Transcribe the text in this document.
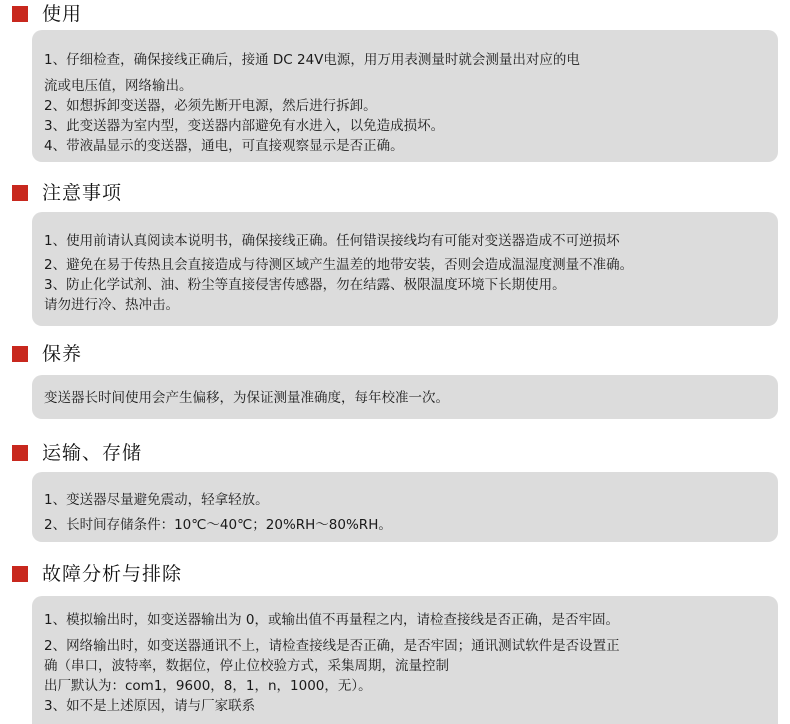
使用

1、仔细检查，确保接线正确后，接通 DC 24V电源，用万用表测量时就会测量出对应的电

流或电压值，网络输出。

2、如想拆卸变送器，必须先断开电源，然后进行拆卸。

3、此变送器为室内型，变送器内部避免有水进入，以免造成损坏。

4、带液晶显示的变送器，通电，可直接观察显示是否正确。

注意事项

1、使用前请认真阅读本说明书，确保接线正确。任何错误接线均有可能对变送器造成不可逆损坏

2、避免在易于传热且会直接造成与待测区域产生温差的地带安装，否则会造成温湿度测量不准确。

3、防止化学试剂、油、粉尘等直接侵害传感器，勿在结露、极限温度环境下长期使用。

请勿进行冷、热冲击。

保养

变送器长时间使用会产生偏移，为保证测量准确度，每年校准一次。

运输、存储

1、变送器尽量避免震动，轻拿轻放。

2、长时间存储条件：10℃～40℃；20%RH～80%RH。

故障分析与排除

1、模拟输出时，如变送器输出为 0，或输出值不再量程之内，请检查接线是否正确，是否牢固。

2、网络输出时，如变送器通讯不上，请检查接线是否正确，是否牢固；通讯测试软件是否设置正

确（串口，波特率，数据位，停止位校验方式，采集周期，流量控制

出厂默认为：com1，9600，8，1，n，1000，无）。

3、如不是上述原因，请与厂家联系
